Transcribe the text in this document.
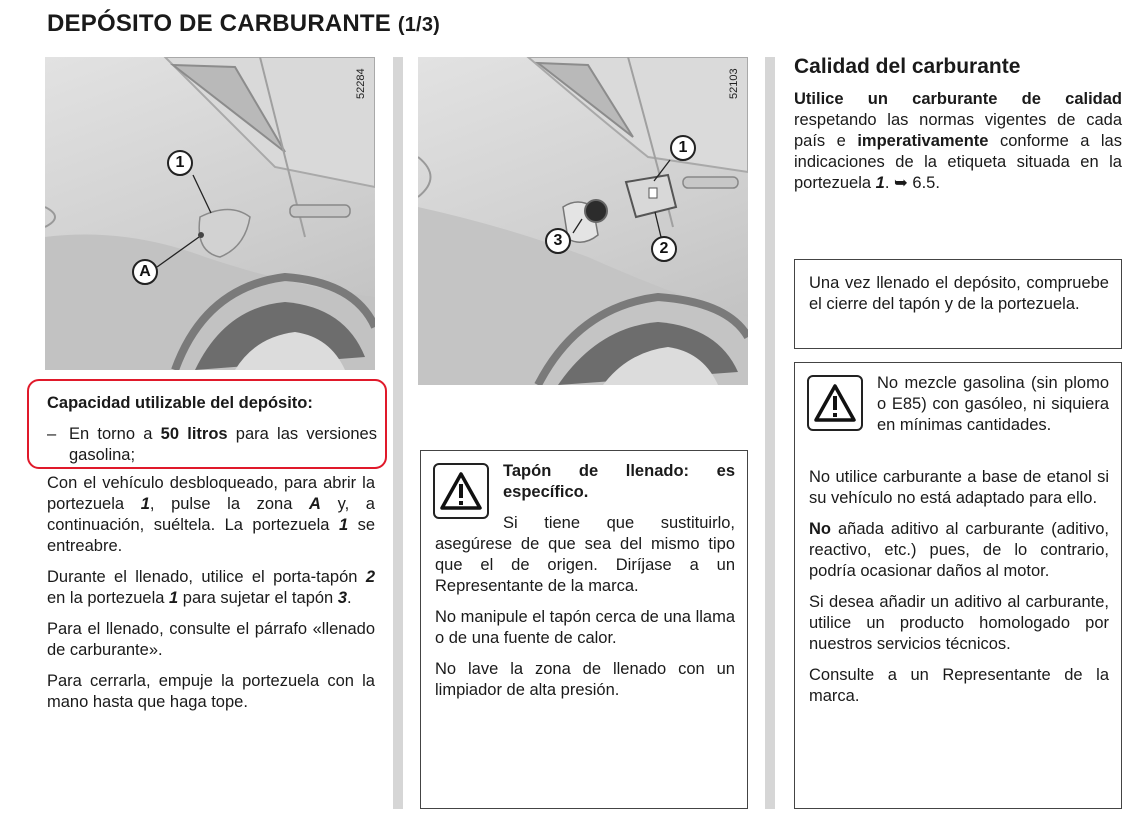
DEPÓSITO DE CARBURANTE (1/3)
1
A
52284
1
2
3
52103
Capacidad utilizable del depósito:
– En torno a 50 litros para las versiones gasolina;

Con el vehículo desbloqueado, para abrir la portezuela 1, pulse la zona A y, a continuación, suéltela. La portezuela 1 se entreabre.

Durante el llenado, utilice el porta-tapón 2 en la portezuela 1 para sujetar el tapón 3.

Para el llenado, consulte el párrafo «llenado de carburante».

Para cerrarla, empuje la portezuela con la mano hasta que haga tope.

Tapón de llenado: es específico.

Si tiene que sustituirlo, asegúrese de que sea del mismo tipo que el de origen. Diríjase a un Representante de la marca.

No manipule el tapón cerca de una llama o de una fuente de calor.

No lave la zona de llenado con un limpiador de alta presión.

Calidad del carburante
Utilice un carburante de calidad respetando las normas vigentes de cada país e imperativamente conforme a las indicaciones de la etiqueta situada en la portezuela 1. ➥ 6.5.
Una vez llenado el depósito, compruebe el cierre del tapón y de la portezuela.
No mezcle gasolina (sin plomo o E85) con gasóleo, ni siquiera en mínimas cantidades.

No utilice carburante a base de etanol si su vehículo no está adaptado para ello.

No añada aditivo al carburante (aditivo, reactivo, etc.) pues, de lo contrario, podría ocasionar daños al motor.

Si desea añadir un aditivo al carburante, utilice un producto homologado por nuestros servicios técnicos.

Consulte a un Representante de la marca.
